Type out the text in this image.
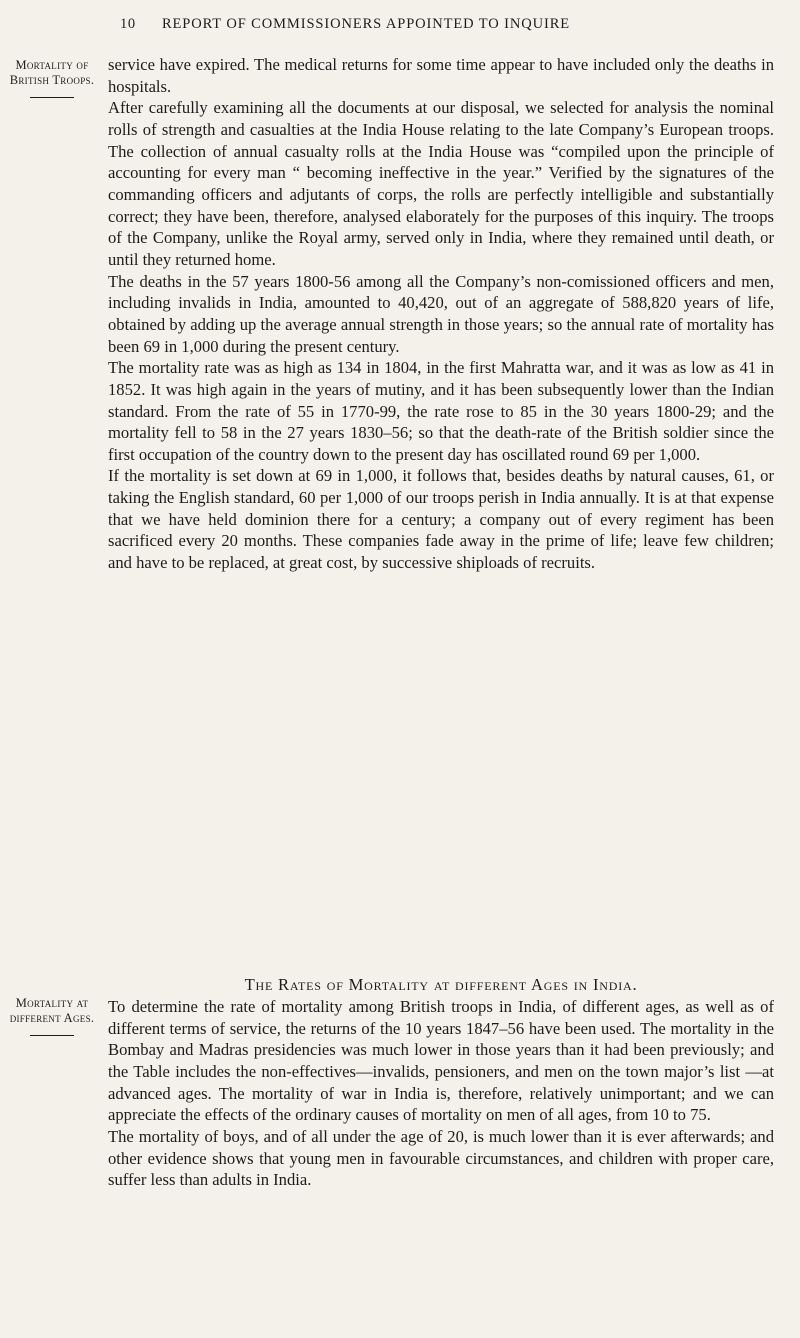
10 REPORT OF COMMISSIONERS APPOINTED TO INQUIRE
Mortality of British Troops.

service have expired. The medical returns for some time appear to have included only the deaths in hospitals.

After carefully examining all the documents at our disposal, we selected for analysis the nominal rolls of strength and casualties at the India House relating to the late Company’s European troops. The collection of annual casualty rolls at the India House was “compiled upon the principle of accounting for every man “ becoming ineffective in the year.” Verified by the signatures of the commanding officers and adjutants of corps, the rolls are perfectly intelligible and substantially correct; they have been, therefore, analysed elaborately for the purposes of this inquiry. The troops of the Company, unlike the Royal army, served only in India, where they remained until death, or until they returned home.

The deaths in the 57 years 1800-56 among all the Company’s non-comissioned officers and men, including invalids in India, amounted to 40,420, out of an aggregate of 588,820 years of life, obtained by adding up the average annual strength in those years; so the annual rate of mortality has been 69 in 1,000 during the present century.

The mortality rate was as high as 134 in 1804, in the first Mahratta war, and it was as low as 41 in 1852. It was high again in the years of mutiny, and it has been subsequently lower than the Indian standard. From the rate of 55 in 1770-99, the rate rose to 85 in the 30 years 1800-29; and the mortality fell to 58 in the 27 years 1830–56; so that the death-rate of the British soldier since the first occupation of the country down to the present day has oscillated round 69 per 1,000.

If the mortality is set down at 69 in 1,000, it follows that, besides deaths by natural causes, 61, or taking the English standard, 60 per 1,000 of our troops perish in India annually. It is at that expense that we have held dominion there for a century; a company out of every regiment has been sacrificed every 20 months. These companies fade away in the prime of life; leave few children; and have to be replaced, at great cost, by successive shiploads of recruits.

The Rates of Mortality at different Ages in India.
Mortality at different Ages.

To determine the rate of mortality among British troops in India, of different ages, as well as of different terms of service, the returns of the 10 years 1847–56 have been used. The mortality in the Bombay and Madras presidencies was much lower in those years than it had been previously; and the Table includes the non-effectives—invalids, pensioners, and men on the town major’s list —at advanced ages. The mortality of war in India is, therefore, relatively unimportant; and we can appreciate the effects of the ordinary causes of mortality on men of all ages, from 10 to 75.

The mortality of boys, and of all under the age of 20, is much lower than it is ever afterwards; and other evidence shows that young men in favourable circumstances, and children with proper care, suffer less than adults in India.
